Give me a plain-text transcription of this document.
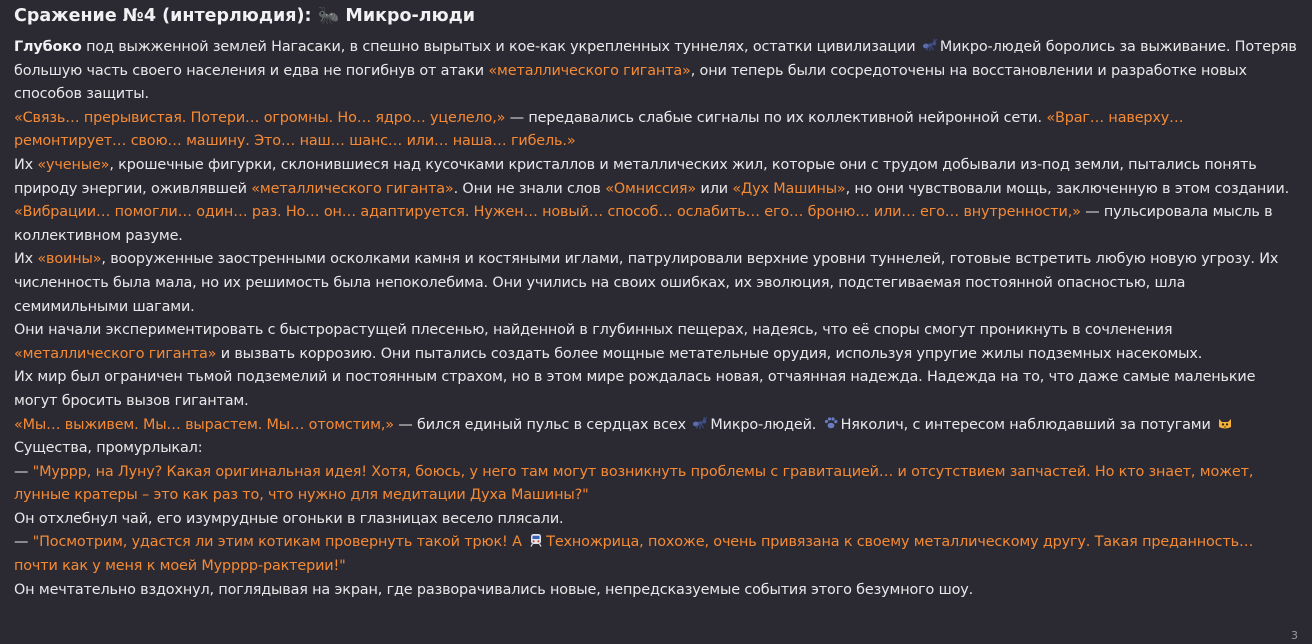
Сражение №4 (интерлюдия): 🐜 Микро-люди

Глубоко под выжженной землей Нагасаки, в спешно вырытых и кое-как укрепленных туннелях, остатки цивилизации
Микро-людей боролись за выживание. Потеряв большую часть своего населения и едва не погибнув от атаки «металлического гиганта», они теперь были сосредоточены на восстановлении и разработке новых способов защиты.

«Связь… прерывистая. Потери… огромны. Но… ядро… уцелело,» — передавались слабые сигналы по их коллективной нейронной сети. «Враг… наверху… ремонтирует… свою… машину. Это… наш… шанс… или… наша… гибель.»

Их «ученые», крошечные фигурки, склонившиеся над кусочками кристаллов и металлических жил, которые они с трудом добывали из-под земли, пытались понять природу энергии, оживлявшей «металлического гиганта». Они не знали слов «Омниссия» или «Дух Машины», но они чувствовали мощь, заключенную в этом создании.

«Вибрации… помогли… один… раз. Но… он… адаптируется. Нужен… новый… способ… ослабить… его… броню… или… его… внутренности,» — пульсировала мысль в коллективном разуме.

Их «воины», вооруженные заостренными осколками камня и костяными иглами, патрулировали верхние уровни туннелей, готовые встретить любую новую угрозу. Их численность была мала, но их решимость была непоколебима. Они учились на своих ошибках, их эволюция, подстегиваемая постоянной опасностью, шла семимильными шагами.

Они начали экспериментировать с быстрорастущей плесенью, найденной в глубинных пещерах, надеясь, что её споры смогут проникнуть в сочленения «металлического гиганта» и вызвать коррозию. Они пытались создать более мощные метательные орудия, используя упругие жилы подземных насекомых.

Их мир был ограничен тьмой подземелий и постоянным страхом, но в этом мире рождалась новая, отчаянная надежда. Надежда на то, что даже самые маленькие могут бросить вызов гигантам.

«Мы… выживем. Мы… вырастем. Мы… отомстим,» — бился единый пульс в сердцах всех
Микро-людей.
Няколич, с интересом наблюдавший за потугами
Существа, промурлыкал:

— "Муррр, на Луну? Какая оригинальная идея! Хотя, боюсь, у него там могут возникнуть проблемы с гравитацией… и отсутствием запчастей. Но кто знает, может, лунные кратеры – это как раз то, что нужно для медитации Духа Машины?"

Он отхлебнул чай, его изумрудные огоньки в глазницах весело плясали.

— "Посмотрим, удастся ли этим котикам провернуть такой трюк! А
Техножрица, похоже, очень привязана к своему металлическому другу. Такая преданность… почти как у меня к моей Мурррр-рактерии!"

Он мечтательно вздохнул, поглядывая на экран, где разворачивались новые, непредсказуемые события этого безумного шоу.

3
